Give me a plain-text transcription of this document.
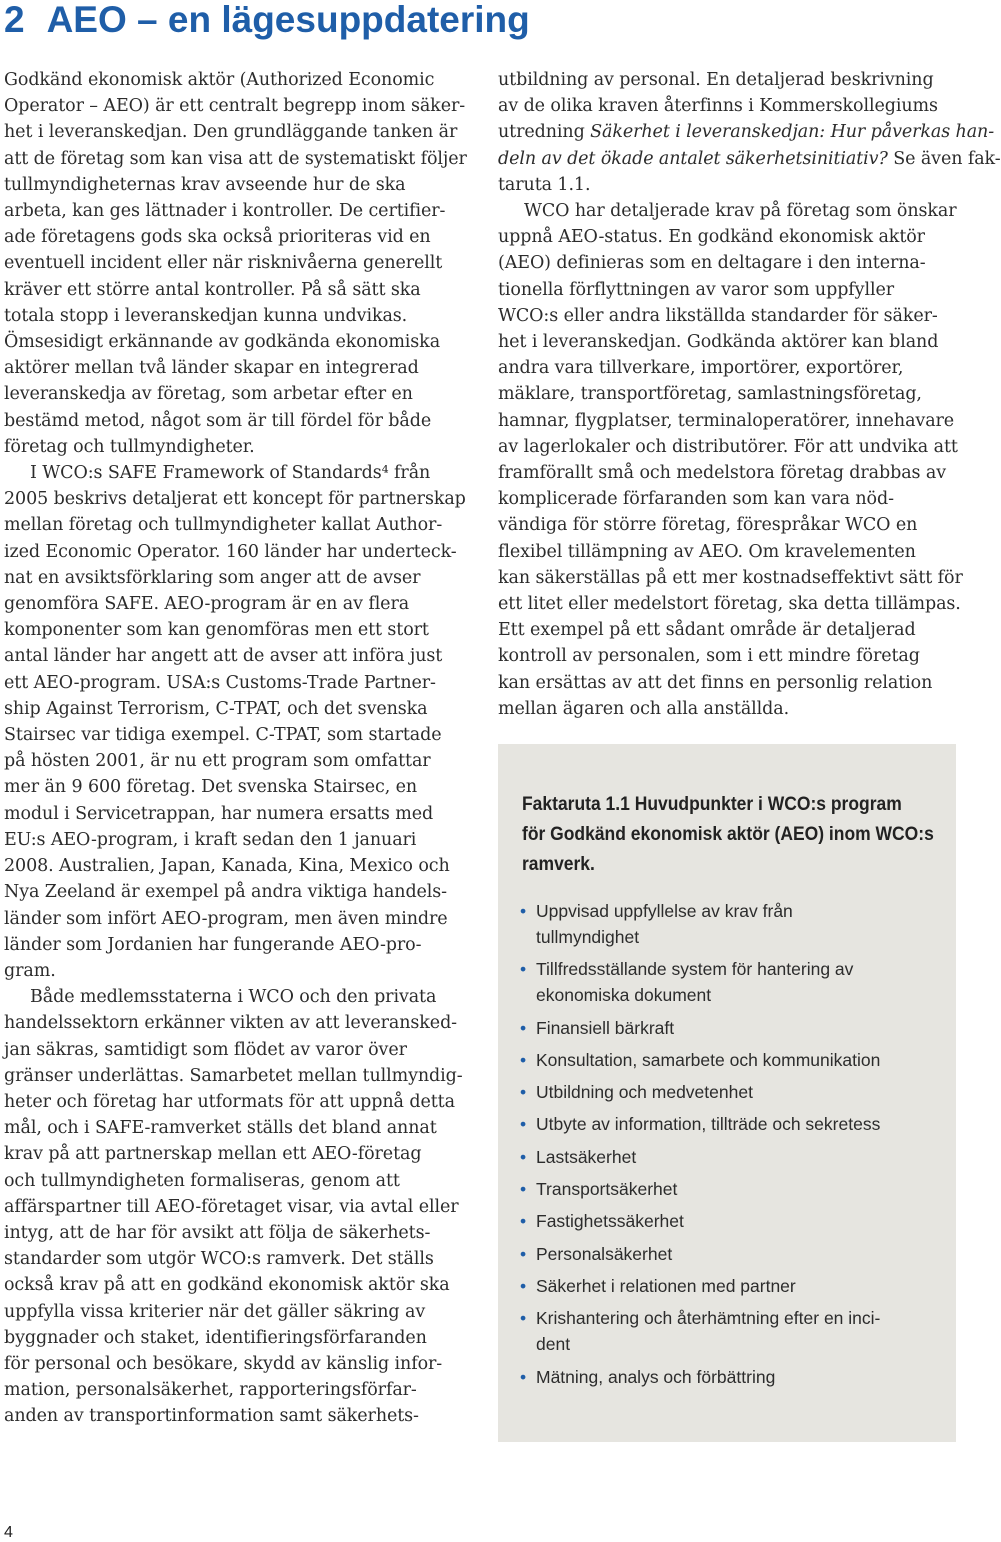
2 AEO – en lägesuppdatering

Godkänd ekonomisk aktör (Authorized Economic
Operator – AEO) är ett centralt begrepp inom säker-
het i leveranskedjan. Den grundläggande tanken är
att de företag som kan visa att de systematiskt följer
tullmyndigheternas krav avseende hur de ska
arbeta, kan ges lättnader i kontroller. De certifier-
ade företagens gods ska också prioriteras vid en
eventuell incident eller när risknivåerna generellt
kräver ett större antal kontroller. På så sätt ska
totala stopp i leveranskedjan kunna undvikas.
Ömsesidigt erkännande av godkända ekonomiska
aktörer mellan två länder skapar en integrerad
leveranskedja av företag, som arbetar efter en
bestämd metod, något som är till fördel för både
företag och tullmyndigheter.

I WCO:s SAFE Framework of Standards⁴ från
2005 beskrivs detaljerat ett koncept för partnerskap
mellan företag och tullmyndigheter kallat Author-
ized Economic Operator. 160 länder har underteck-
nat en avsiktsförklaring som anger att de avser
genomföra SAFE. AEO-program är en av flera
komponenter som kan genomföras men ett stort
antal länder har angett att de avser att införa just
ett AEO-program. USA:s Customs-Trade Partner-
ship Against Terrorism, C-TPAT, och det svenska
Stairsec var tidiga exempel. C-TPAT, som startade
på hösten 2001, är nu ett program som omfattar
mer än 9 600 företag. Det svenska Stairsec, en
modul i Servicetrappan, har numera ersatts med
EU:s AEO-program, i kraft sedan den 1 januari
2008. Australien, Japan, Kanada, Kina, Mexico och
Nya Zeeland är exempel på andra viktiga handels-
länder som infört AEO-program, men även mindre
länder som Jordanien har fungerande AEO-pro-
gram.

Både medlemsstaterna i WCO och den privata
handelssektorn erkänner vikten av att leveransked-
jan säkras, samtidigt som flödet av varor över
gränser underlättas. Samarbetet mellan tullmyndig-
heter och företag har utformats för att uppnå detta
mål, och i SAFE-ramverket ställs det bland annat
krav på att partnerskap mellan ett AEO-företag
och tullmyndigheten formaliseras, genom att
affärspartner till AEO-företaget visar, via avtal eller
intyg, att de har för avsikt att följa de säkerhets-
standarder som utgör WCO:s ramverk. Det ställs
också krav på att en godkänd ekonomisk aktör ska
uppfylla vissa kriterier när det gäller säkring av
byggnader och staket, identifieringsförfaranden
för personal och besökare, skydd av känslig infor-
mation, personalsäkerhet, rapporteringsförfar-
anden av transportinformation samt säkerhets-

utbildning av personal. En detaljerad beskrivning
av de olika kraven återfinns i Kommerskollegiums
utredning Säkerhet i leveranskedjan: Hur påverkas han-
deln av det ökade antalet säkerhetsinitiativ? Se även fak-
taruta 1.1.

WCO har detaljerade krav på företag som önskar
uppnå AEO-status. En godkänd ekonomisk aktör
(AEO) definieras som en deltagare i den interna-
tionella förflyttningen av varor som uppfyller
WCO:s eller andra likställda standarder för säker-
het i leveranskedjan. Godkända aktörer kan bland
andra vara tillverkare, importörer, exportörer,
mäklare, transportföretag, samlastningsföretag,
hamnar, flygplatser, terminaloperatörer, innehavare
av lagerlokaler och distributörer. För att undvika att
framförallt små och medelstora företag drabbas av
komplicerade förfaranden som kan vara nöd-
vändiga för större företag, förespråkar WCO en
flexibel tillämpning av AEO. Om kravelementen
kan säkerställas på ett mer kostnadseffektivt sätt för
ett litet eller medelstort företag, ska detta tillämpas.
Ett exempel på ett sådant område är detaljerad
kontroll av personalen, som i ett mindre företag
kan ersättas av att det finns en personlig relation
mellan ägaren och alla anställda.

Faktaruta 1.1 Huvudpunkter i WCO:s program
för Godkänd ekonomisk aktör (AEO) inom WCO:s
ramverk.
• Uppvisad uppfyllelse av krav från
tullmyndighet
• Tillfredsställande system för hantering av
ekonomiska dokument
• Finansiell bärkraft
• Konsultation, samarbete och kommunikation
• Utbildning och medvetenhet
• Utbyte av information, tillträde och sekretess
• Lastsäkerhet
• Transportsäkerhet
• Fastighetssäkerhet
• Personalsäkerhet
• Säkerhet i relationen med partner
• Krishantering och återhämtning efter en inci-
dent
• Mätning, analys och förbättring
4
